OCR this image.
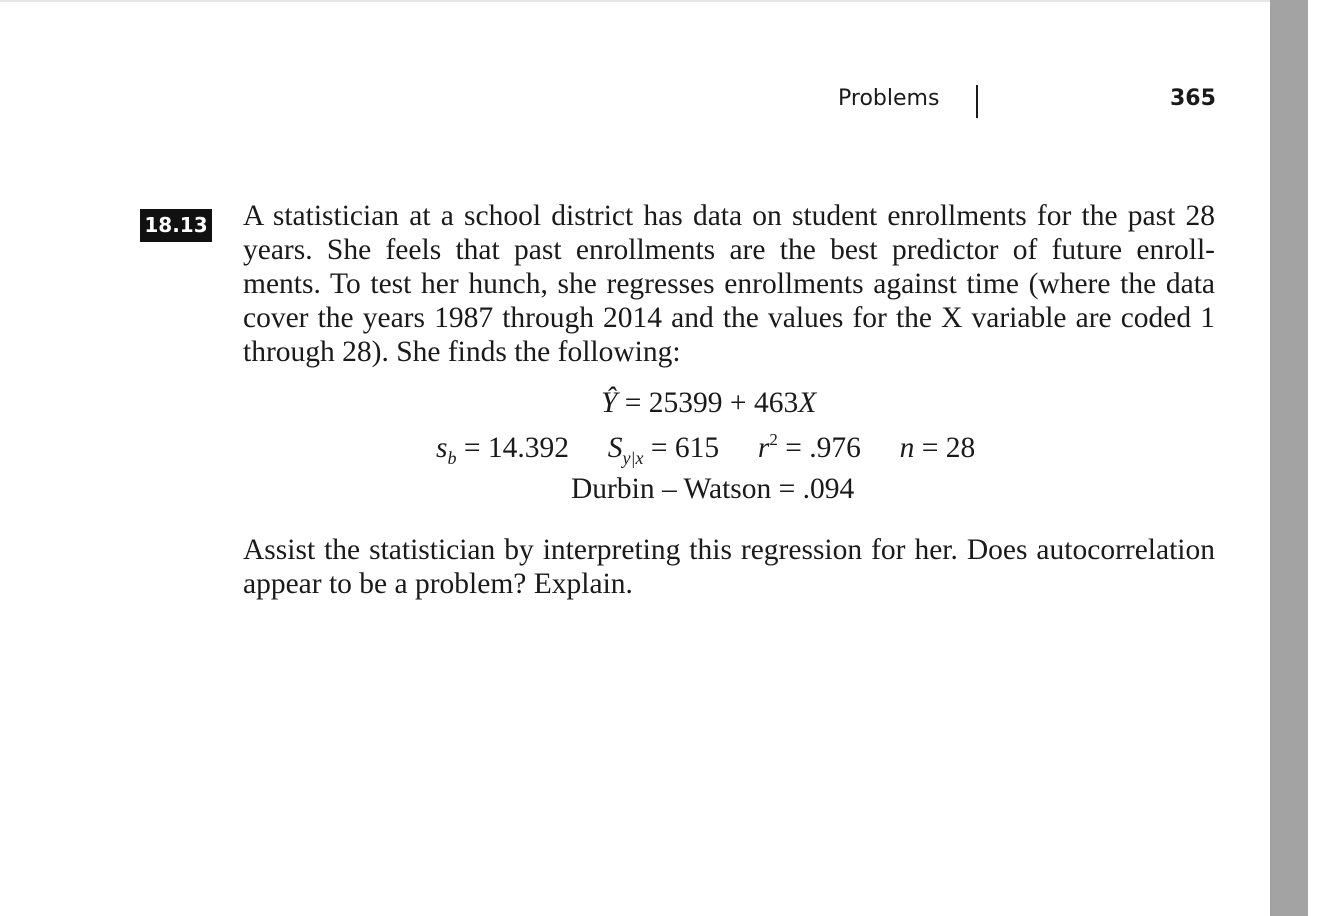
Problems	365
18.13 A statistician at a school district has data on student enrollments for the past 28 years. She feels that past enrollments are the best predictor of future enroll- ments. To test her hunch, she regresses enrollments against time (where the data cover the years 1987 through 2014 and the values for the X variable are coded 1 through 28). She finds the following:

Ŷ = 25399 + 463X
$s_b = 14.392$ $S_{y|x} = 615$ $r^2 = .976$ n = 28
Durbin – Watson = .094

Assist the statistician by interpreting this regression for her. Does autocorrelation appear to be a problem? Explain.
